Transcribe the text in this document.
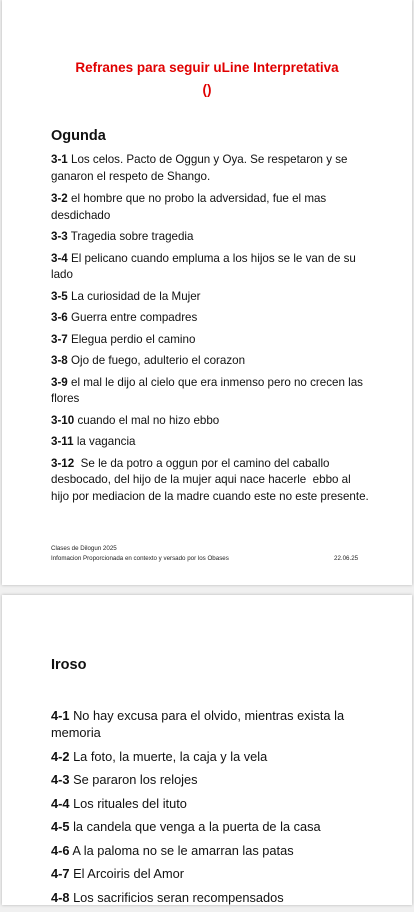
Refranes para seguir uLine Interpretativa
()
Ogunda
3-1 Los celos. Pacto de Oggun y Oya. Se respetaron y se ganaron el respeto de Shango.
3-2 el hombre que no probo la adversidad, fue el mas desdichado
3-3 Tragedia sobre tragedia
3-4 El pelicano cuando empluma a los hijos se le van de su lado
3-5 La curiosidad de la Mujer
3-6 Guerra entre compadres
3-7 Elegua perdio el camino
3-8 Ojo de fuego, adulterio el corazon
3-9 el mal le dijo al cielo que era inmenso pero no crecen las flores
3-10 cuando el mal no hizo ebbo
3-11 la vagancia
3-12  Se le da potro a oggun por el camino del caballo desbocado, del hijo de la mujer aqui nace hacerle  ebbo al hijo por mediacion de la madre cuando este no este presente.
Clases de Dilogun 2025
Infomacion Proporcionada en contexto y versado por los Obases	22.06.25
Iroso
4-1 No hay excusa para el olvido, mientras exista la memoria
4-2 La foto, la muerte, la caja y la vela
4-3 Se pararon los relojes
4-4 Los rituales del ituto
4-5 la candela que venga a la puerta de la casa
4-6 A la paloma no se le amarran las patas
4-7 El Arcoiris del Amor
4-8 Los sacrificios seran recompensados
